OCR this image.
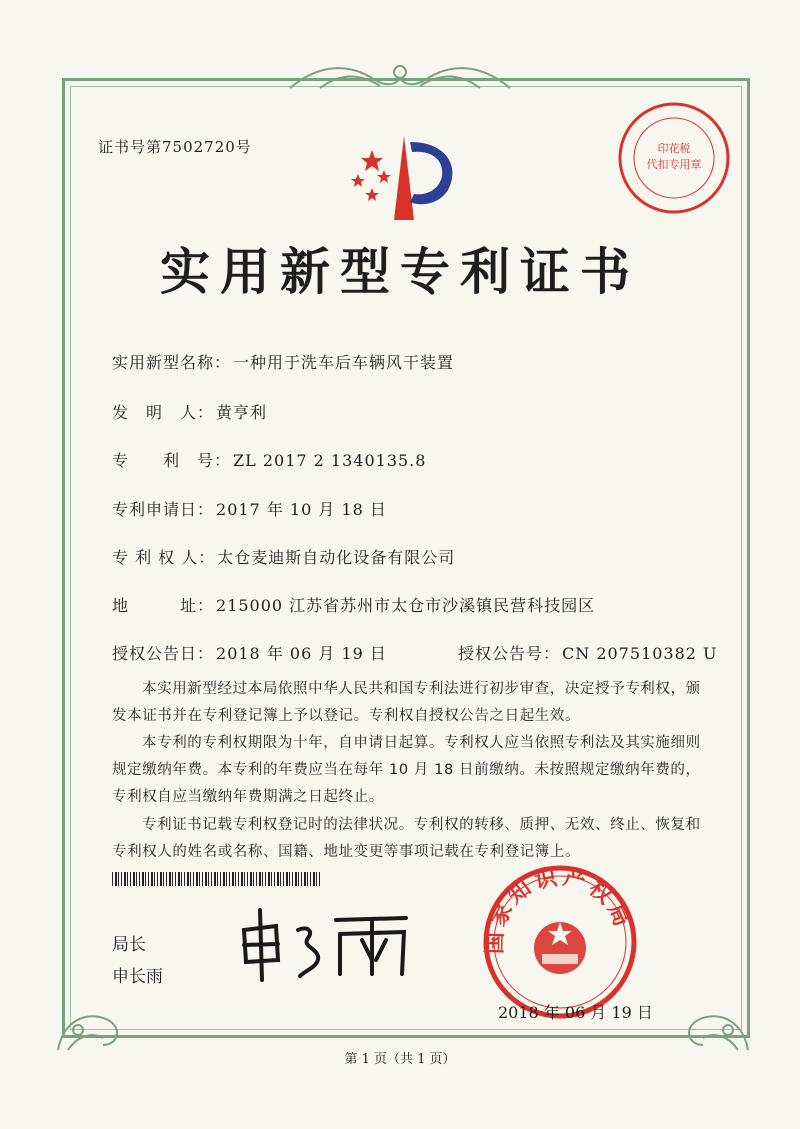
证书号第7502720号	印花税
代扣专用章
实用新型专利证书
实用新型名称： 一种用于洗车后车辆风干装置
发　明　人： 黄亨利
专　　利　号： ZL 2017 2 1340135.8
专利申请日： 2017 年 10 月 18 日
专 利 权 人： 太仓麦迪斯自动化设备有限公司
地　　　址： 215000 江苏省苏州市太仓市沙溪镇民营科技园区
授权公告日： 2018 年 06 月 19 日	授权公告号： CN 207510382 U
本实用新型经过本局依照中华人民共和国专利法进行初步审查，决定授予专利权，颁发本证书并在专利登记簿上予以登记。专利权自授权公告之日起生效。
本专利的专利权期限为十年，自申请日起算。专利权人应当依照专利法及其实施细则规定缴纳年费。本专利的年费应当在每年 10 月 18 日前缴纳。未按照规定缴纳年费的，专利权自应当缴纳年费期满之日起终止。
专利证书记载专利权登记时的法律状况。专利权的转移、质押、无效、终止、恢复和专利权人的姓名或名称、国籍、地址变更等事项记载在专利登记簿上。
局长
申长雨
国家知识产权局
2018 年 06 月 19 日
第 1 页（共 1 页）
